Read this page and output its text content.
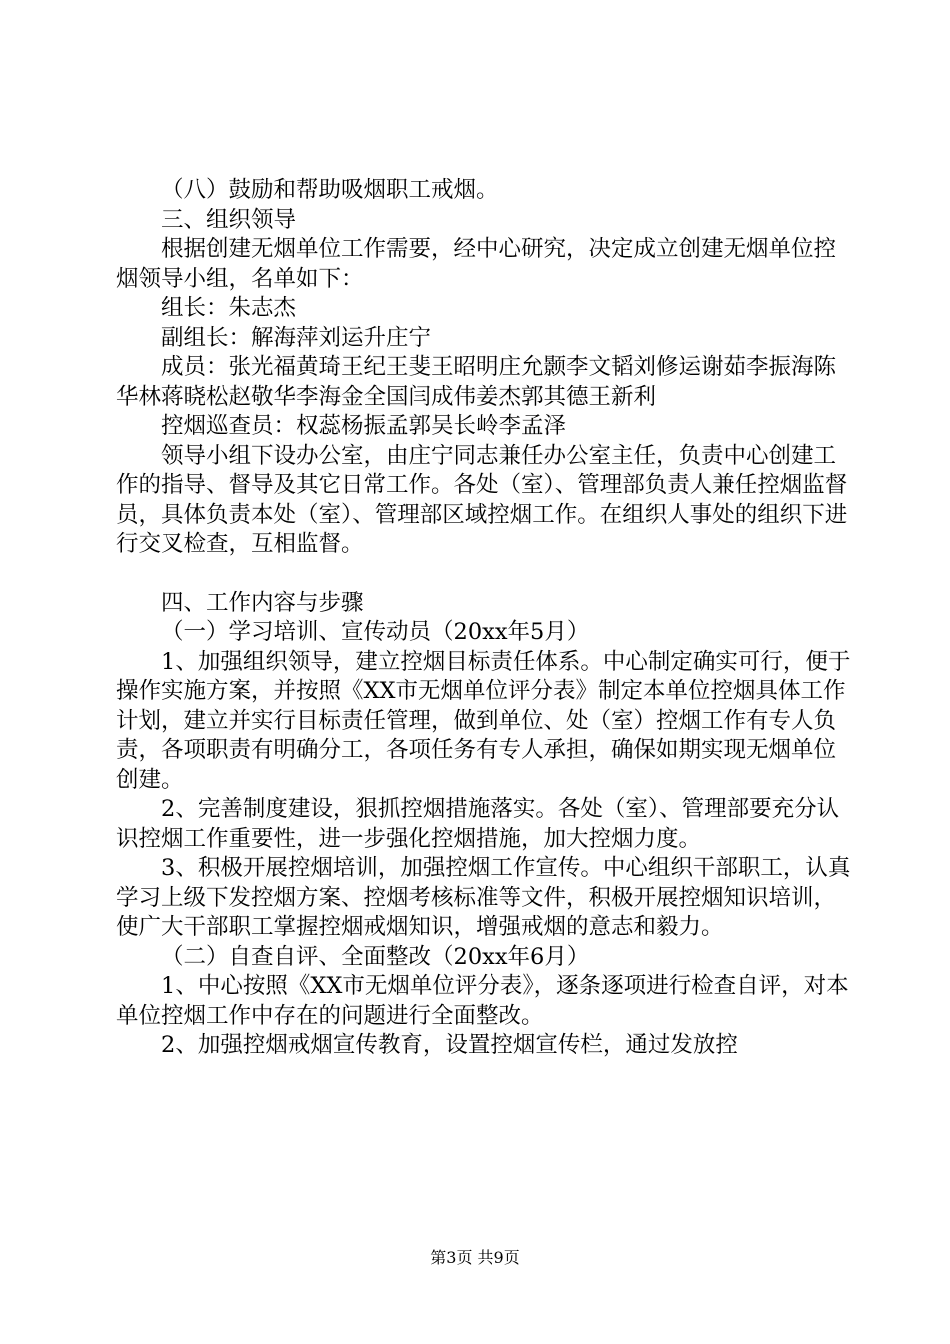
（八）鼓励和帮助吸烟职工戒烟。

三、组织领导

根据创建无烟单位工作需要，经中心研究，决定成立创建无烟单位控烟领导小组，名单如下：

组长：朱志杰

副组长：解海萍刘运升庄宁

成员：张光福黄琦王纪王斐王昭明庄允颢李文韬刘修运谢茹李振海陈华林蒋晓松赵敬华李海金全国闫成伟姜杰郭其德王新利

控烟巡查员：权蕊杨振孟郭吴长岭李孟泽

领导小组下设办公室，由庄宁同志兼任办公室主任，负责中心创建工作的指导、督导及其它日常工作。各处（室）、管理部负责人兼任控烟监督员，具体负责本处（室）、管理部区域控烟工作。在组织人事处的组织下进行交叉检查，互相监督。

四、工作内容与步骤

（一）学习培训、宣传动员（20xx年5月）

1、加强组织领导，建立控烟目标责任体系。中心制定确实可行，便于操作实施方案，并按照《XX市无烟单位评分表》制定本单位控烟具体工作计划，建立并实行目标责任管理，做到单位、处（室）控烟工作有专人负责，各项职责有明确分工，各项任务有专人承担，确保如期实现无烟单位创建。

2、完善制度建设，狠抓控烟措施落实。各处（室）、管理部要充分认识控烟工作重要性，进一步强化控烟措施，加大控烟力度。

3、积极开展控烟培训，加强控烟工作宣传。中心组织干部职工，认真学习上级下发控烟方案、控烟考核标准等文件，积极开展控烟知识培训，使广大干部职工掌握控烟戒烟知识，增强戒烟的意志和毅力。

（二）自查自评、全面整改（20xx年6月）

1、中心按照《XX市无烟单位评分表》，逐条逐项进行检查自评，对本单位控烟工作中存在的问题进行全面整改。

2、加强控烟戒烟宣传教育，设置控烟宣传栏，通过发放控

第3页 共9页
